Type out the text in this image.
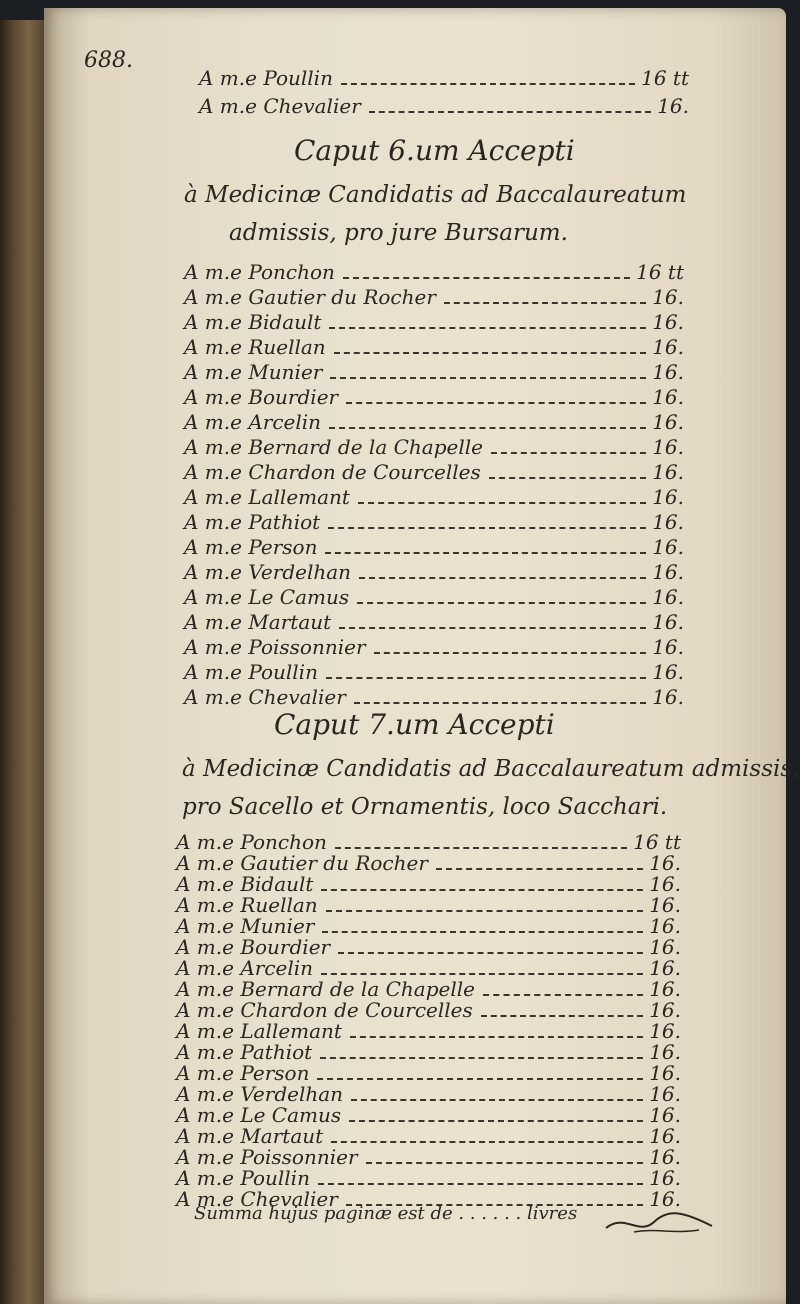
688.
A m.e Poullin	16 tt
A m.e Chevalier	16.
Caput 6.um Accepti
à Medicinæ Candidatis ad Baccalaureatum
admissis, pro jure Bursarum.
A m.e Ponchon	16 tt
A m.e Gautier du Rocher	16.
A m.e Bidault	16.
A m.e Ruellan	16.
A m.e Munier	16.
A m.e Bourdier	16.
A m.e Arcelin	16.
A m.e Bernard de la Chapelle	16.
A m.e Chardon de Courcelles	16.
A m.e Lallemant	16.
A m.e Pathiot	16.
A m.e Person	16.
A m.e Verdelhan	16.
A m.e Le Camus	16.
A m.e Martaut	16.
A m.e Poissonnier	16.
A m.e Poullin	16.
A m.e Chevalier	16.
Caput 7.um Accepti
à Medicinæ Candidatis ad Baccalaureatum admissis,
pro Sacello et Ornamentis, loco Sacchari.
A m.e Ponchon	16 tt
A m.e Gautier du Rocher	16.
A m.e Bidault	16.
A m.e Ruellan	16.
A m.e Munier	16.
A m.e Bourdier	16.
A m.e Arcelin	16.
A m.e Bernard de la Chapelle	16.
A m.e Chardon de Courcelles	16.
A m.e Lallemant	16.
A m.e Pathiot	16.
A m.e Person	16.
A m.e Verdelhan	16.
A m.e Le Camus	16.
A m.e Martaut	16.
A m.e Poissonnier	16.
A m.e Poullin	16.
A m.e Chevalier	16.
Summa hujus paginæ est de . . . . . . livres
